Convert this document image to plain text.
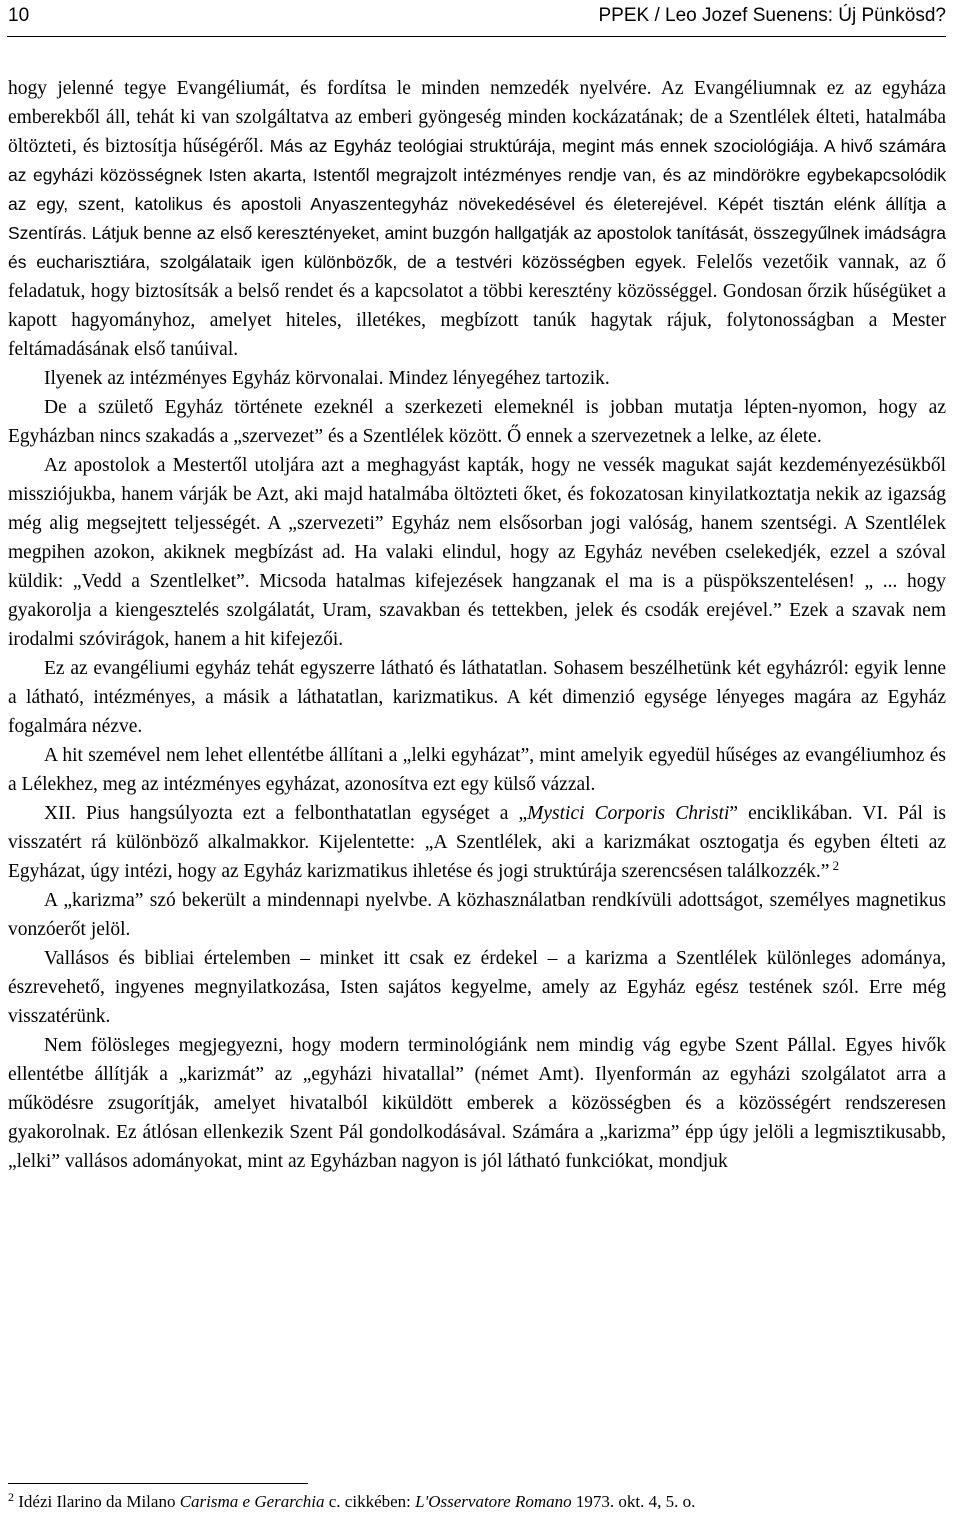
10	PPEK / Leo Jozef Suenens: Új Pünkösd?

hogy jelenné tegye Evangéliumát, és fordítsa le minden nemzedék nyelvére. Az Evangéliumnak ez az egyháza emberekből áll, tehát ki van szolgáltatva az emberi gyöngeség minden kockázatának; de a Szentlélek élteti, hatalmába öltözteti, és biztosítja hűségéről. Más az Egyház teológiai struktúrája, megint más ennek szociológiája. A hivő számára az egyházi közösségnek Isten akarta, Istentől megrajzolt intézményes rendje van, és az mindörökre egybekapcsolódik az egy, szent, katolikus és apostoli Anyaszentegyház növekedésével és életerejével. Képét tisztán elénk állítja a Szentírás. Látjuk benne az első keresztényeket, amint buzgón hallgatják az apostolok tanítását, összegyűlnek imádságra és eucharisztiára, szolgálataik igen különbözők, de a testvéri közösségben egyek. Felelős vezetőik vannak, az ő feladatuk, hogy biztosítsák a belső rendet és a kapcsolatot a többi keresztény közösséggel. Gondosan őrzik hűségüket a kapott hagyományhoz, amelyet hiteles, illetékes, megbízott tanúk hagytak rájuk, folytonosságban a Mester feltámadásának első tanúival.

Ilyenek az intézményes Egyház körvonalai. Mindez lényegéhez tartozik.

De a születő Egyház története ezeknél a szerkezeti elemeknél is jobban mutatja lépten-nyomon, hogy az Egyházban nincs szakadás a „szervezet” és a Szentlélek között. Ő ennek a szervezetnek a lelke, az élete.

Az apostolok a Mestertől utoljára azt a meghagyást kapták, hogy ne vessék magukat saját kezdeményezésükből missziójukba, hanem várják be Azt, aki majd hatalmába öltözteti őket, és fokozatosan kinyilatkoztatja nekik az igazság még alig megsejtett teljességét. A „szervezeti” Egyház nem elsősorban jogi valóság, hanem szentségi. A Szentlélek megpihen azokon, akiknek megbízást ad. Ha valaki elindul, hogy az Egyház nevében cselekedjék, ezzel a szóval küldik: „Vedd a Szentlelket”. Micsoda hatalmas kifejezések hangzanak el ma is a püspökszentelésen! „ ... hogy gyakorolja a kiengesztelés szolgálatát, Uram, szavakban és tettekben, jelek és csodák erejével.” Ezek a szavak nem irodalmi szóvirágok, hanem a hit kifejezői.

Ez az evangéliumi egyház tehát egyszerre látható és láthatatlan. Sohasem beszélhetünk két egyházról: egyik lenne a látható, intézményes, a másik a láthatatlan, karizmatikus. A két dimenzió egysége lényeges magára az Egyház fogalmára nézve.

A hit szemével nem lehet ellentétbe állítani a „lelki egyházat”, mint amelyik egyedül hűséges az evangéliumhoz és a Lélekhez, meg az intézményes egyházat, azonosítva ezt egy külső vázzal.

XII. Pius hangsúlyozta ezt a felbonthatatlan egységet a „Mystici Corporis Christi” enciklikában. VI. Pál is visszatért rá különböző alkalmakkor. Kijelentette: „A Szentlélek, aki a karizmákat osztogatja és egyben élteti az Egyházat, úgy intézi, hogy az Egyház karizmatikus ihletése és jogi struktúrája szerencsésen találkozzék.” $^2$

A „karizma” szó bekerült a mindennapi nyelvbe. A közhasználatban rendkívüli adottságot, személyes magnetikus vonzóerőt jelöl.

Vallásos és bibliai értelemben – minket itt csak ez érdekel – a karizma a Szentlélek különleges adománya, észrevehető, ingyenes megnyilatkozása, Isten sajátos kegyelme, amely az Egyház egész testének szól. Erre még visszatérünk.

Nem fölösleges megjegyezni, hogy modern terminológiánk nem mindig vág egybe Szent Pállal. Egyes hivők ellentétbe állítják a „karizmát” az „egyházi hivatallal” (német Amt). Ilyenformán az egyházi szolgálatot arra a működésre zsugorítják, amelyet hivatalból kiküldött emberek a közösségben és a közösségért rendszeresen gyakorolnak. Ez átlósan ellenkezik Szent Pál gondolkodásával. Számára a „karizma” épp úgy jelöli a legmisztikusabb, „lelki” vallásos adományokat, mint az Egyházban nagyon is jól látható funkciókat, mondjuk

$^2$ Idézi Ilarino da Milano Carisma e Gerarchia c. cikkében: L'Osservatore Romano 1973. okt. 4, 5. o.
